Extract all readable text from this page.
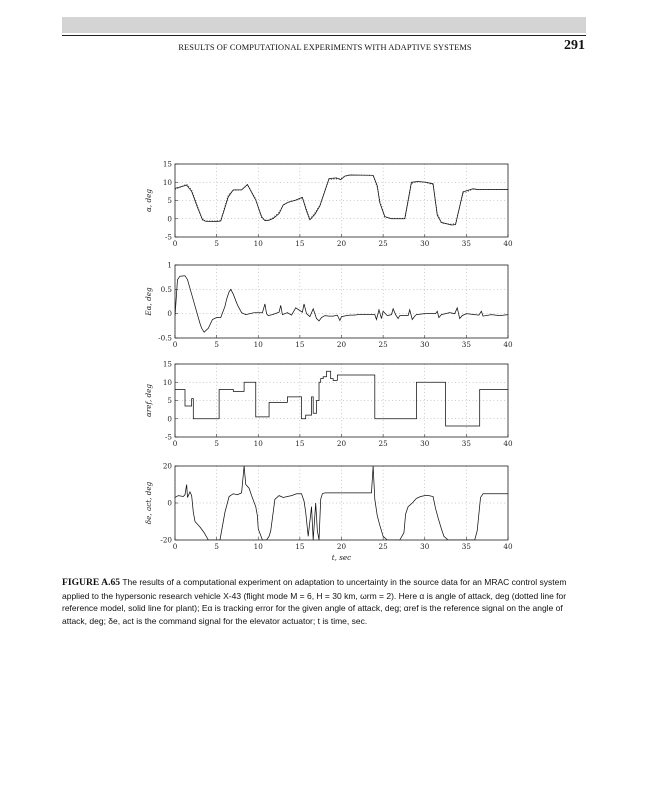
RESULTS OF COMPUTATIONAL EXPERIMENTS WITH ADAPTIVE SYSTEMS	291
0	5	10	15	20	25	30	35	40
15
10
5
0
-5
α, deg
0	5	10	15	20	25	30	35	40
1
0.5
0
-0.5
Eα, deg
0	5	10	15	20	25	30	35	40
15
10
5
0
-5
αref, deg
0	5	10	15	20	25	30	35	40
20
0
-20
δe, act, deg
t, sec
FIGURE A.65 The results of a computational experiment on adaptation to uncertainty in the source data for an MRAC control system applied to the hypersonic research vehicle X-43 (flight mode M = 6, H = 30 km, ωrm = 2). Here α is angle of attack, deg (dotted line for reference model, solid line for plant); Eα is tracking error for the given angle of attack, deg; αref is the reference signal on the angle of attack, deg; δe, act is the command signal for the elevator actuator; t is time, sec.
